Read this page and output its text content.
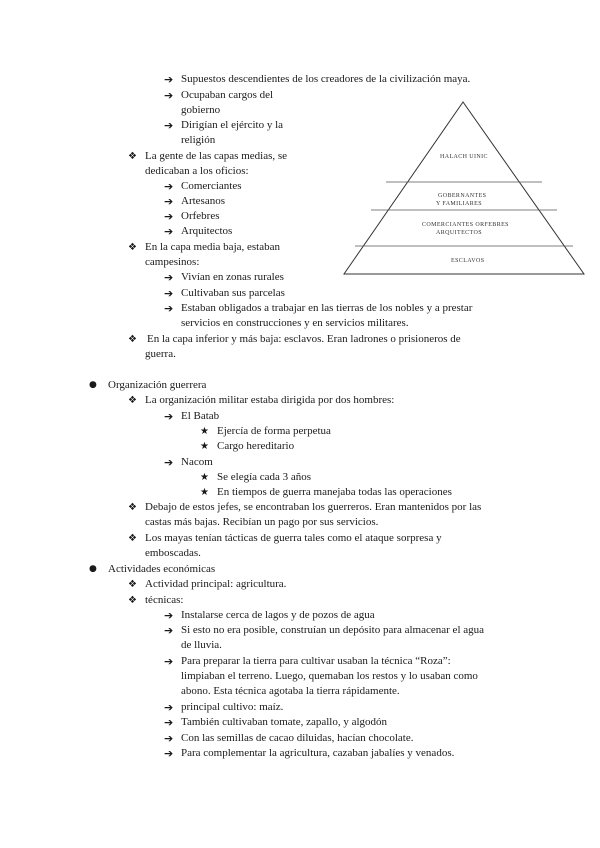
➔ Supuestos descendientes de los creadores de la civilización maya.
➔ Ocupaban cargos del
gobierno
➔ Dirigían el ejército y la
religión
❖ La gente de las capas medias, se
dedicaban a los oficios:
➔ Comerciantes
➔ Artesanos
➔ Orfebres
➔ Arquitectos
❖ En la capa media baja, estaban
campesinos:
➔ Vivían en zonas rurales
➔ Cultivaban sus parcelas
➔ Estaban obligados a trabajar en las tierras de los nobles y a prestar
servicios en construcciones y en servicios militares.
❖ En la capa inferior y más baja: esclavos. Eran ladrones o prisioneros de
guerra.
HALACH UINIC
GOBERNANTES
Y FAMILIARES
COMERCIANTES ORFEBRES
ARQUITECTOS
ESCLAVOS
● Organización guerrera
❖ La organización militar estaba dirigida por dos hombres:
➔ El Batab
★ Ejercía de forma perpetua
★ Cargo hereditario
➔ Nacom
★ Se elegía cada 3 años
★ En tiempos de guerra manejaba todas las operaciones
❖ Debajo de estos jefes, se encontraban los guerreros. Eran mantenidos por las
castas más bajas. Recibían un pago por sus servicios.
❖ Los mayas tenían tácticas de guerra tales como el ataque sorpresa y
emboscadas.
● Actividades económicas
❖ Actividad principal: agricultura.
❖ técnicas:
➔ Instalarse cerca de lagos y de pozos de agua
➔ Si esto no era posible, construían un depósito para almacenar el agua
de lluvia.
➔ Para preparar la tierra para cultivar usaban la técnica “Roza”:
limpiaban el terreno. Luego, quemaban los restos y lo usaban como
abono. Esta técnica agotaba la tierra rápidamente.
➔ principal cultivo: maíz.
➔ También cultivaban tomate, zapallo, y algodón
➔ Con las semillas de cacao diluidas, hacían chocolate.
➔ Para complementar la agricultura, cazaban jabalíes y venados.
